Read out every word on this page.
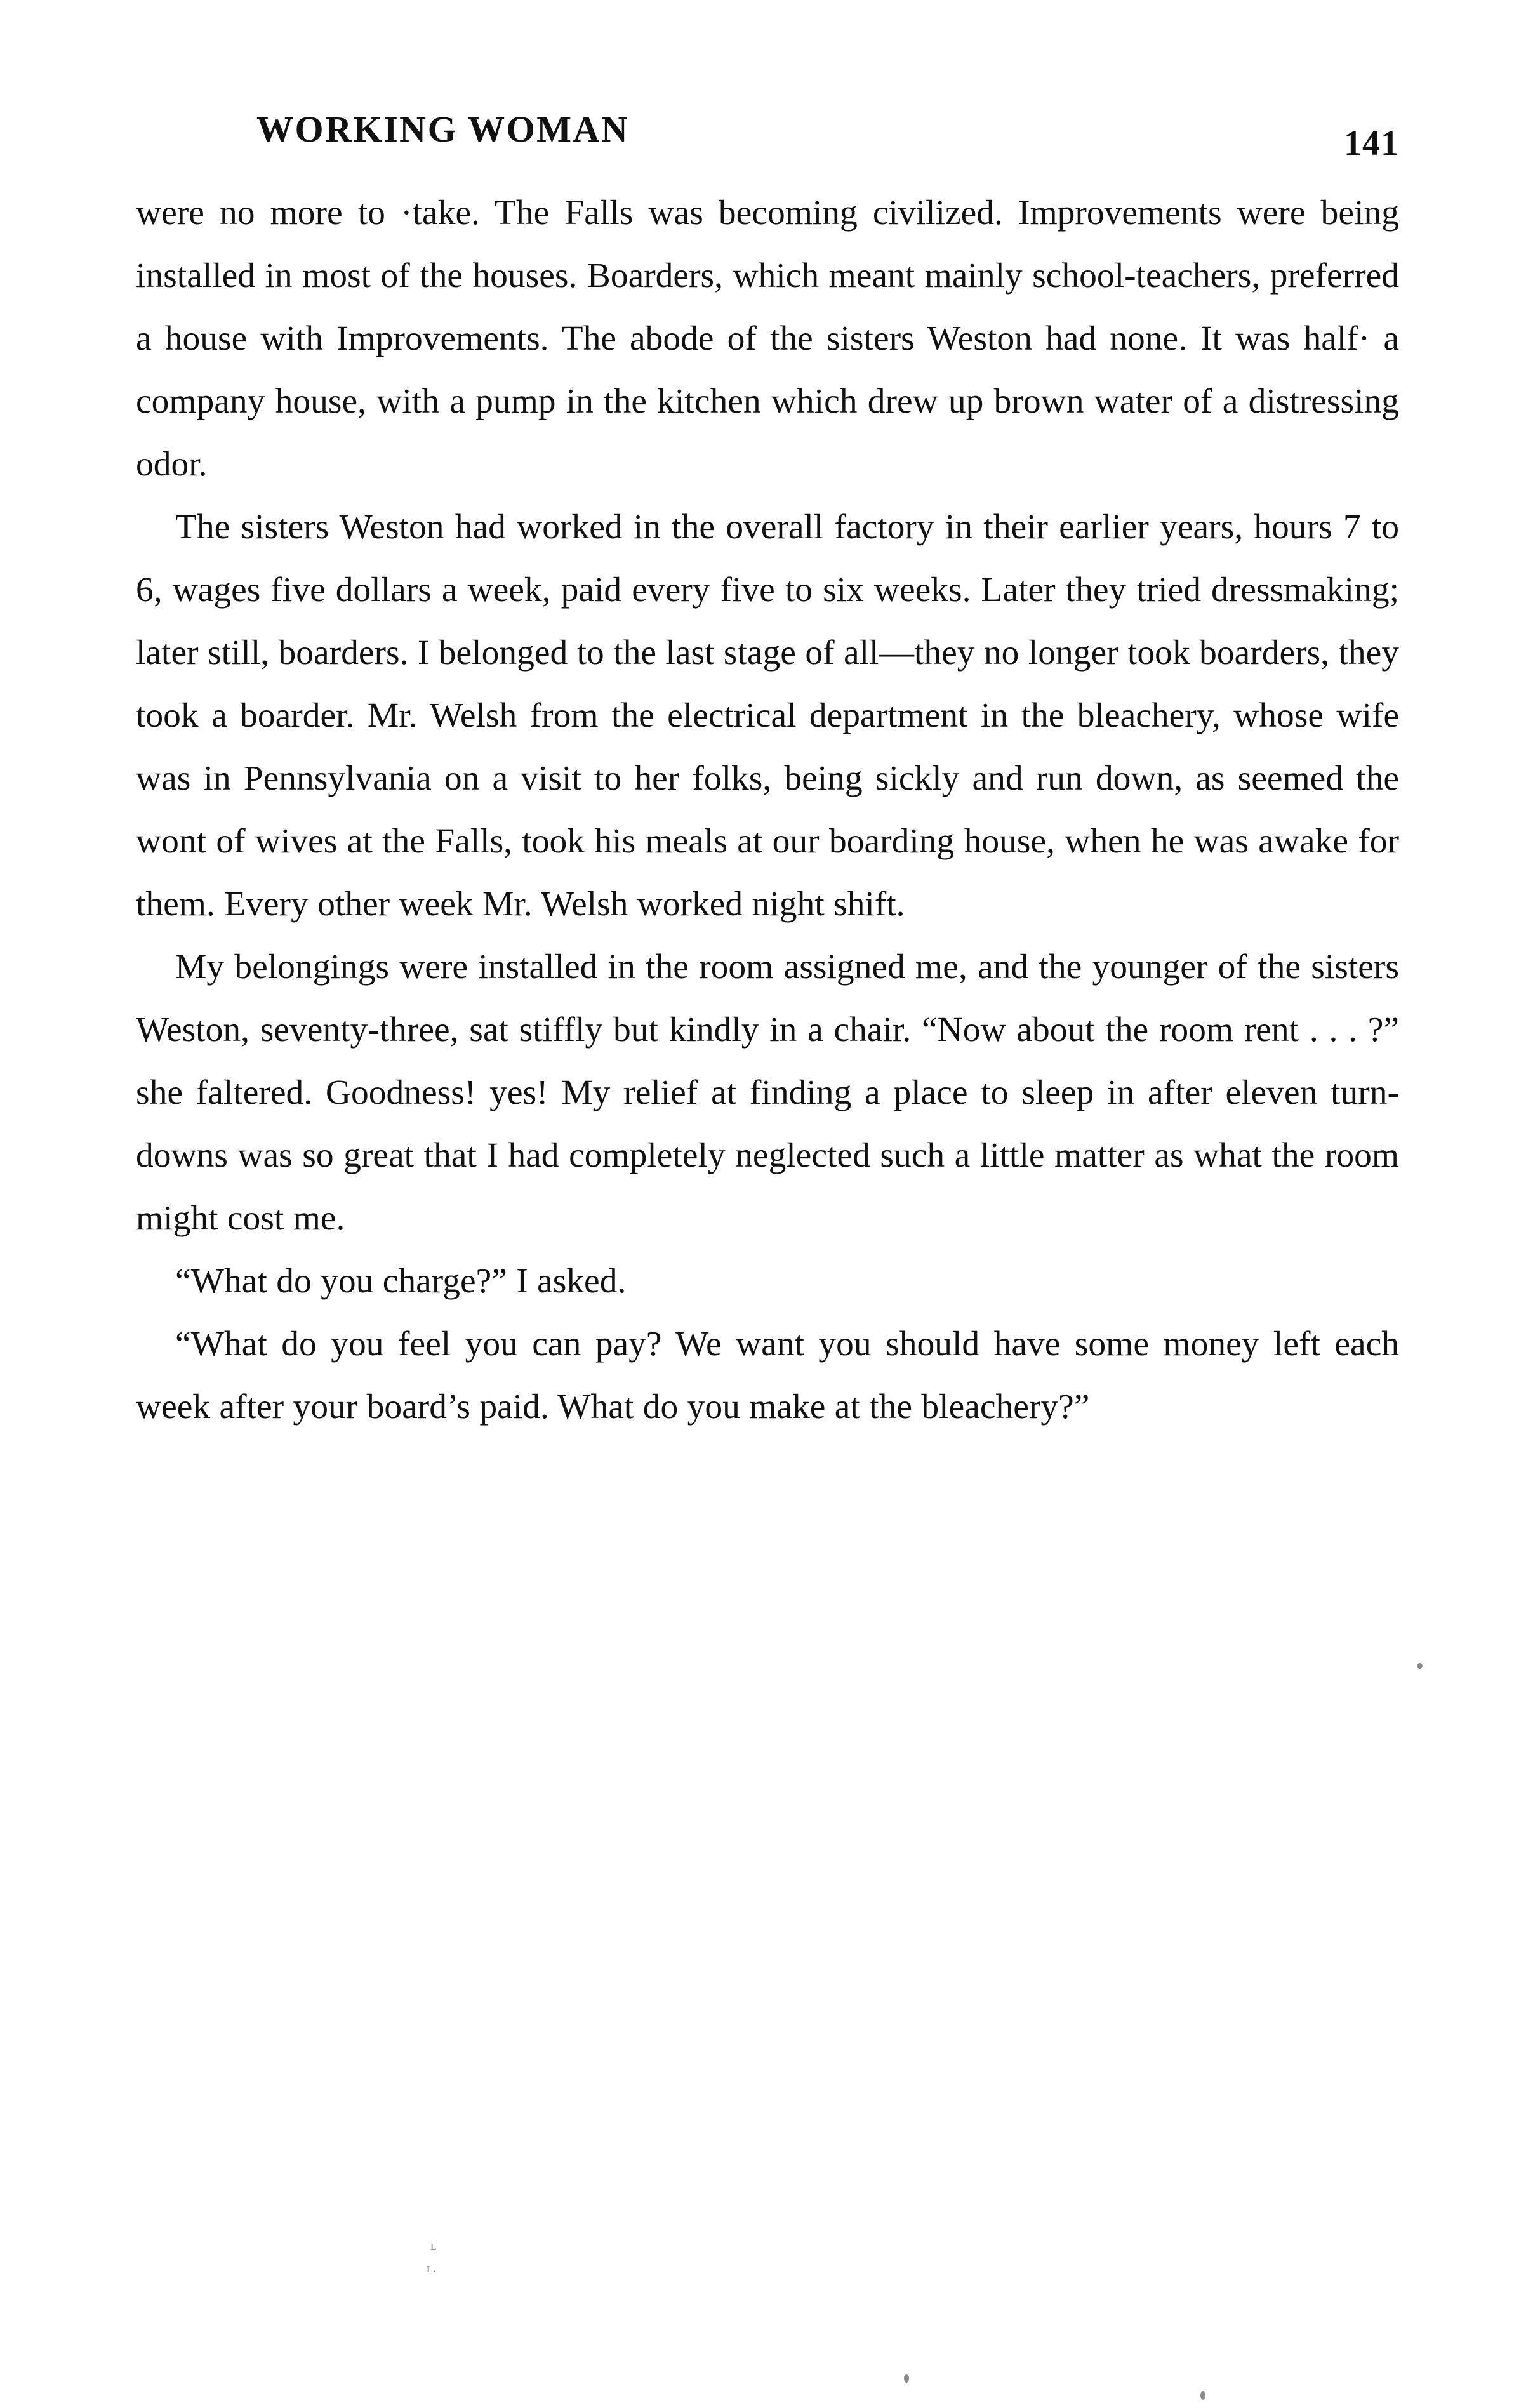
WORKING WOMAN	141

were no more to ·take. The Falls was becoming civilized. Improvements were being installed in most of the houses. Boarders, which meant mainly school-teachers, preferred a house with Improvements. The abode of the sisters Weston had none. It was half· a company house, with a pump in the kitchen which drew up brown water of a distressing odor.

The sisters Weston had worked in the overall factory in their earlier years, hours 7 to 6, wages five dollars a week, paid every five to six weeks. Later they tried dressmaking; later still, boarders. I belonged to the last stage of all—they no longer took boarders, they took a boarder. Mr. Welsh from the electrical department in the bleachery, whose wife was in Pennsylvania on a visit to her folks, being sickly and run down, as seemed the wont of wives at the Falls, took his meals at our boarding house, when he was awake for them. Every other week Mr. Welsh worked night shift.

My belongings were installed in the room assigned me, and the younger of the sisters Weston, seventy-three, sat stiffly but kindly in a chair. “Now about the room rent . . . ?” she faltered. Goodness! yes! My relief at finding a place to sleep in after eleven turn-downs was so great that I had completely neglected such a little matter as what the room might cost me.

“What do you charge?” I asked.

“What do you feel you can pay? We want you should have some money left each week after your board’s paid. What do you make at the bleachery?”

ʟ
ʟ.
